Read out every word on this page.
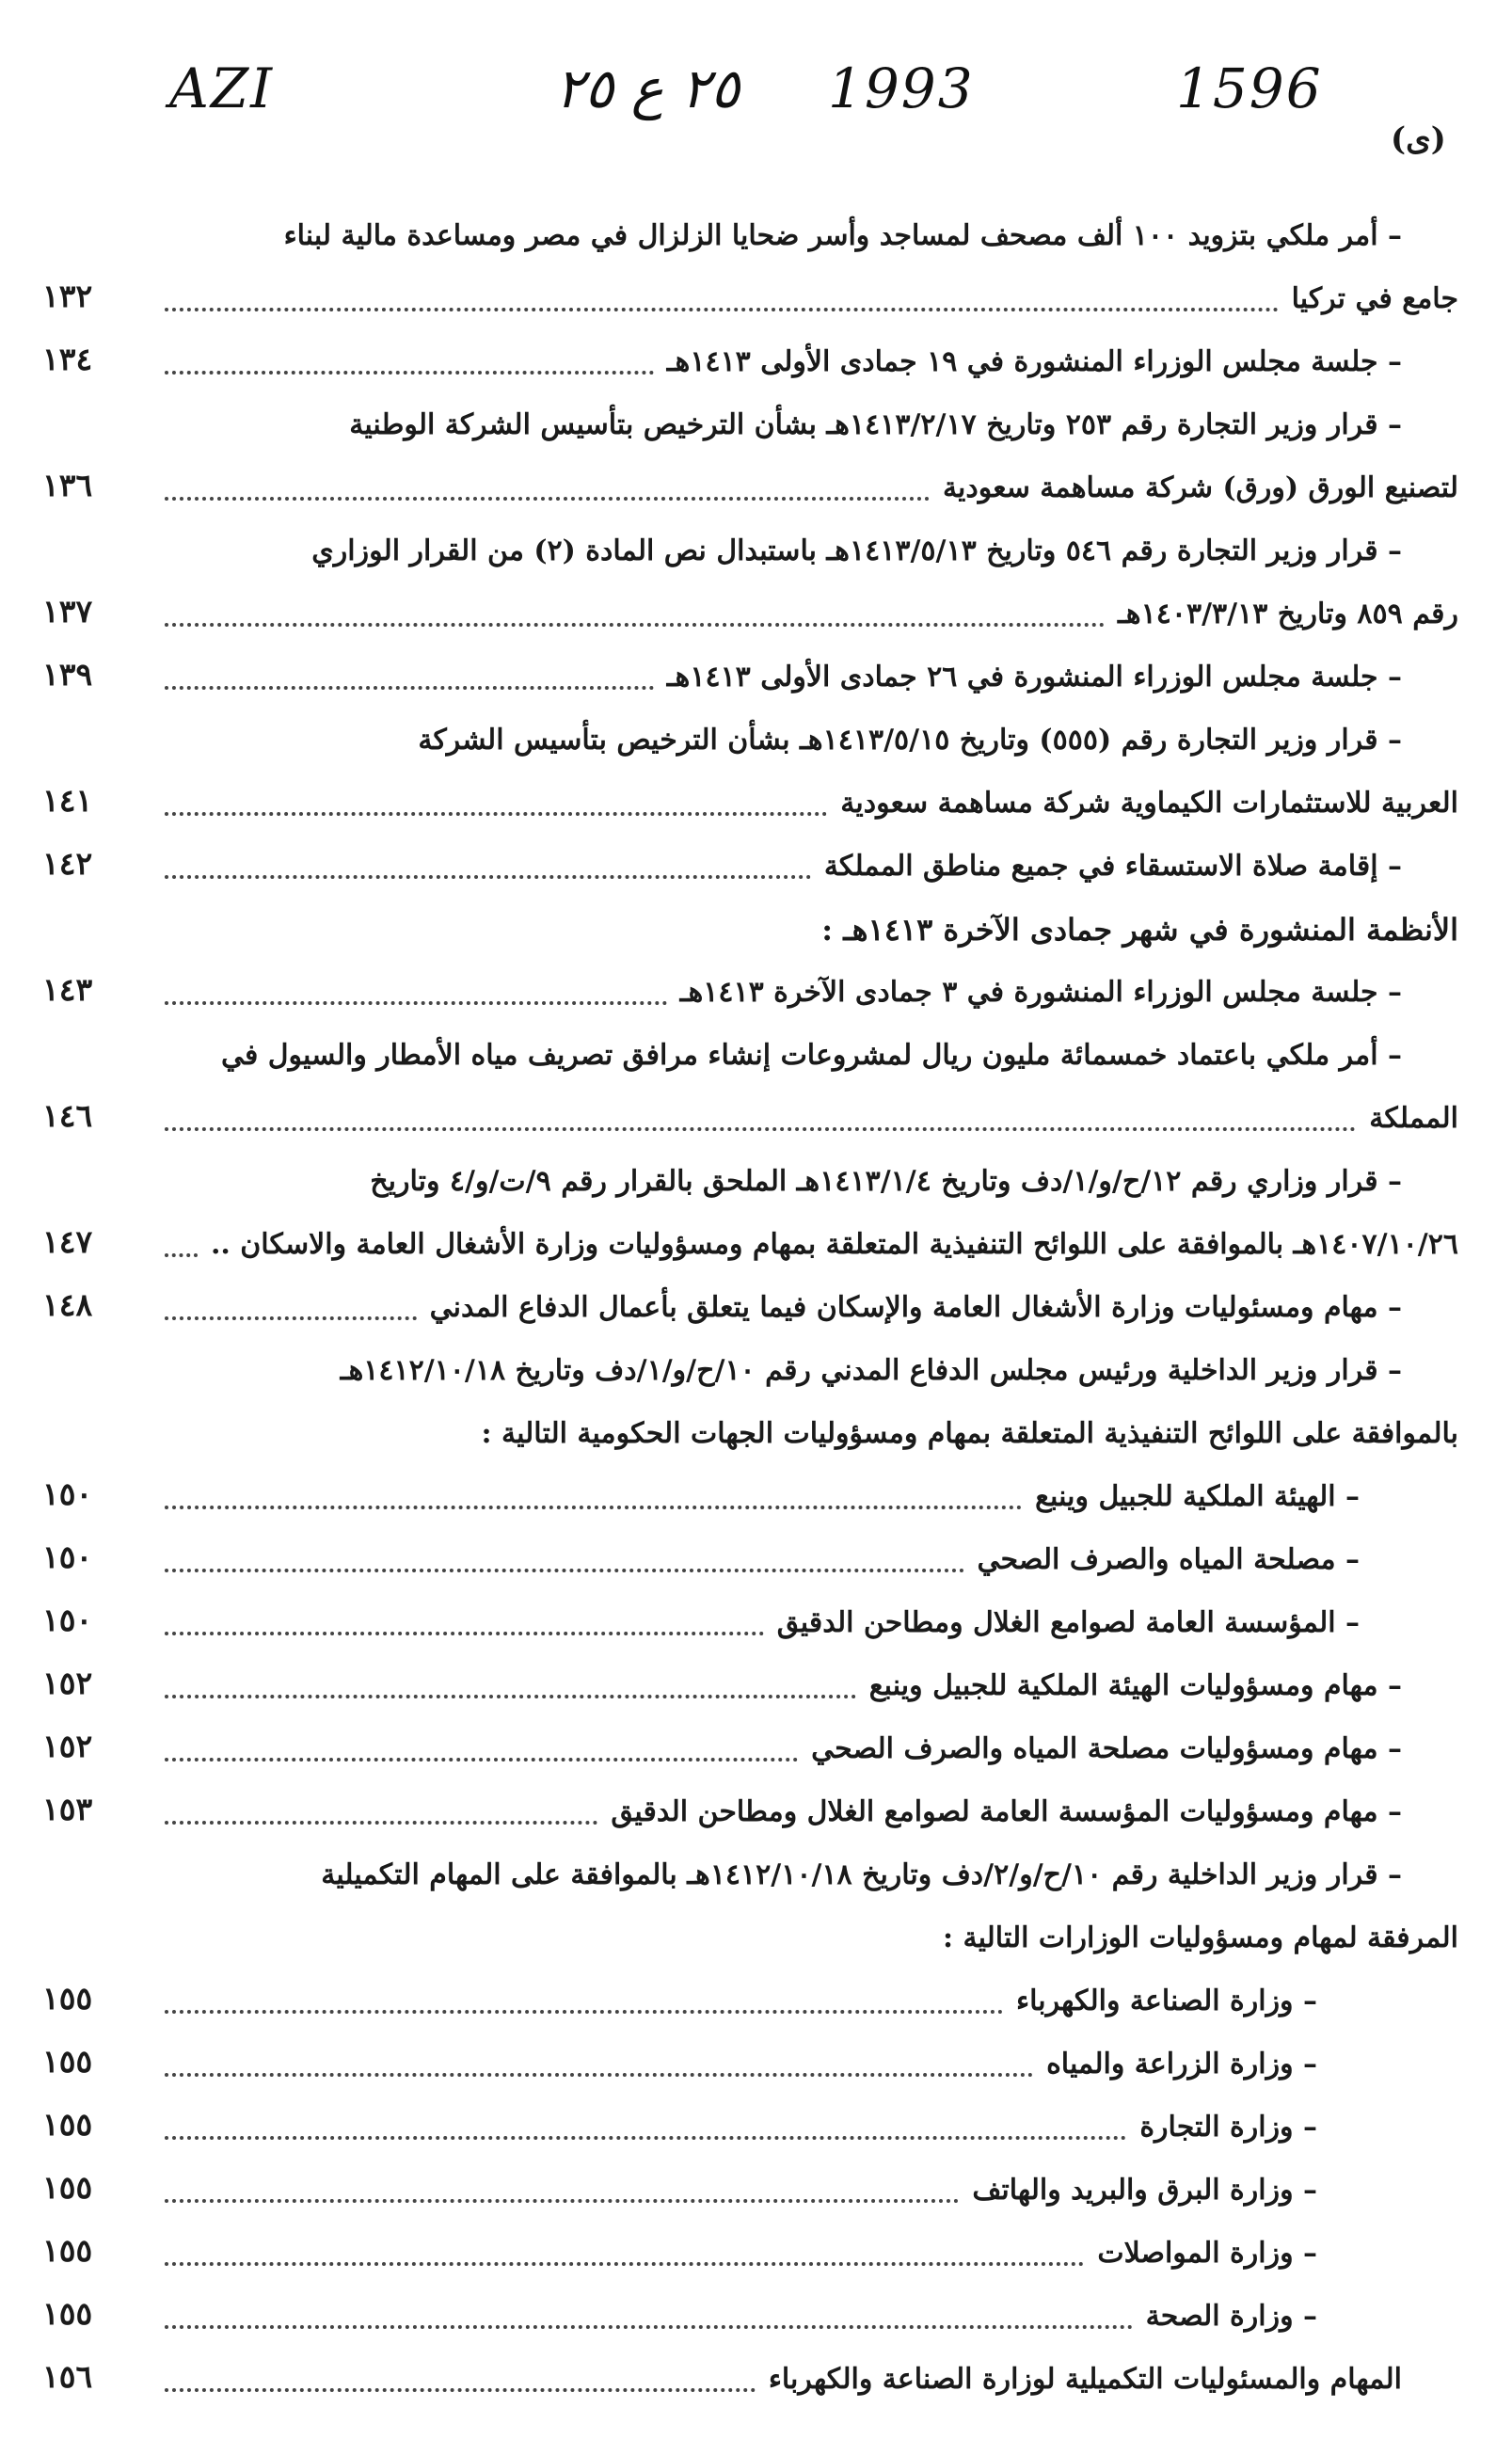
AZI	٢٥ ع ٢٥ 1993	1596
(ى)
– أمر ملكي بتزويد ١٠٠ ألف مصحف لمساجد وأسر ضحايا الزلزال في مصر ومساعدة مالية لبناء
جامع في تركيا
١٣٢
– جلسة مجلس الوزراء المنشورة في ١٩ جمادى الأولى ١٤١٣هـ
١٣٤
– قرار وزير التجارة رقم ٢٥٣ وتاريخ ١٤١٣/٢/١٧هـ بشأن الترخيص بتأسيس الشركة الوطنية
لتصنيع الورق (ورق) شركة مساهمة سعودية
١٣٦
– قرار وزير التجارة رقم ٥٤٦ وتاريخ ١٤١٣/٥/١٣هـ باستبدال نص المادة (٢) من القرار الوزاري
رقم ٨٥٩ وتاريخ ١٤٠٣/٣/١٣هـ
١٣٧
– جلسة مجلس الوزراء المنشورة في ٢٦ جمادى الأولى ١٤١٣هـ
١٣٩
– قرار وزير التجارة رقم (٥٥٥) وتاريخ ١٤١٣/٥/١٥هـ بشأن الترخيص بتأسيس الشركة
العربية للاستثمارات الكيماوية شركة مساهمة سعودية
١٤١
– إقامة صلاة الاستسقاء في جميع مناطق المملكة
١٤٢
الأنظمة المنشورة في شهر جمادى الآخرة ١٤١٣هـ :
– جلسة مجلس الوزراء المنشورة في ٣ جمادى الآخرة ١٤١٣هـ
١٤٣
– أمر ملكي باعتماد خمسمائة مليون ريال لمشروعات إنشاء مرافق تصريف مياه الأمطار والسيول في
المملكة
١٤٦
– قرار وزاري رقم ١٢/ح/و/١/دف وتاريخ ١٤١٣/١/٤هـ الملحق بالقرار رقم ٩/ت/و/٤ وتاريخ
١٤٠٧/١٠/٢٦هـ بالموافقة على اللوائح التنفيذية المتعلقة بمهام ومسؤوليات وزارة الأشغال العامة والاسكان ..
١٤٧
– مهام ومسئوليات وزارة الأشغال العامة والإسكان فيما يتعلق بأعمال الدفاع المدني
١٤٨
– قرار وزير الداخلية ورئيس مجلس الدفاع المدني رقم ١٠/ح/و/١/دف وتاريخ ١٤١٢/١٠/١٨هـ
بالموافقة على اللوائح التنفيذية المتعلقة بمهام ومسؤوليات الجهات الحكومية التالية :
– الهيئة الملكية للجبيل وينبع
١٥٠
– مصلحة المياه والصرف الصحي
١٥٠
– المؤسسة العامة لصوامع الغلال ومطاحن الدقيق
١٥٠
– مهام ومسؤوليات الهيئة الملكية للجبيل وينبع
١٥٢
– مهام ومسؤوليات مصلحة المياه والصرف الصحي
١٥٢
– مهام ومسؤوليات المؤسسة العامة لصوامع الغلال ومطاحن الدقيق
١٥٣
– قرار وزير الداخلية رقم ١٠/ح/و/٢/دف وتاريخ ١٤١٢/١٠/١٨هـ بالموافقة على المهام التكميلية
المرفقة لمهام ومسؤوليات الوزارات التالية :
– وزارة الصناعة والكهرباء
١٥٥
– وزارة الزراعة والمياه
١٥٥
– وزارة التجارة
١٥٥
– وزارة البرق والبريد والهاتف
١٥٥
– وزارة المواصلات
١٥٥
– وزارة الصحة
١٥٥
المهام والمسئوليات التكميلية لوزارة الصناعة والكهرباء
١٥٦
